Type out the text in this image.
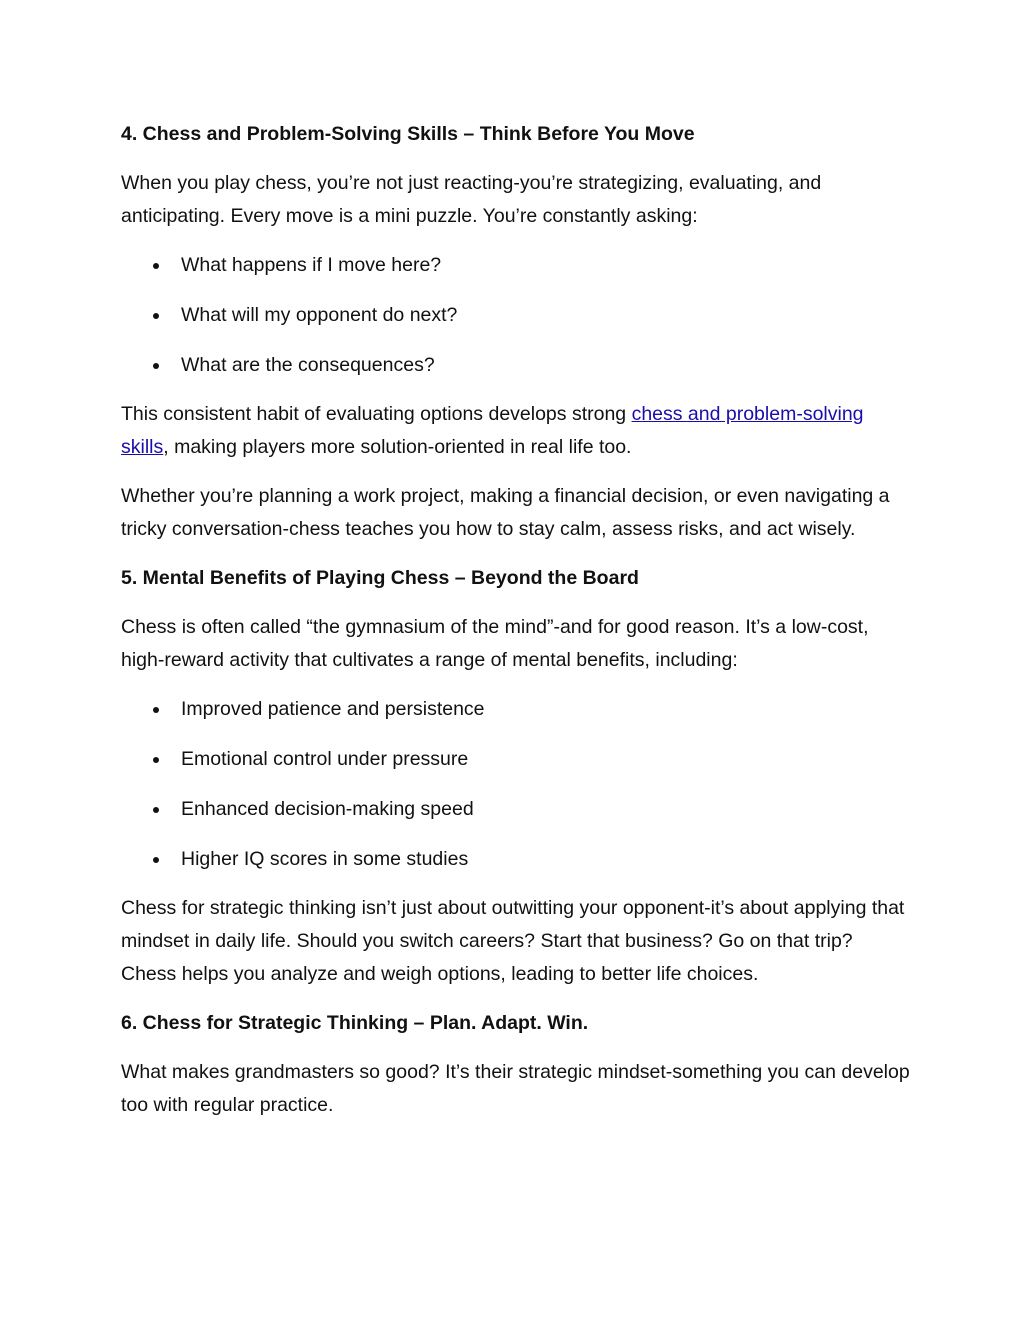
4. Chess and Problem-Solving Skills – Think Before You Move
When you play chess, you’re not just reacting-you’re strategizing, evaluating, and anticipating. Every move is a mini puzzle. You’re constantly asking:
What happens if I move here?
What will my opponent do next?
What are the consequences?
This consistent habit of evaluating options develops strong chess and problem-solving skills, making players more solution-oriented in real life too.
Whether you’re planning a work project, making a financial decision, or even navigating a tricky conversation-chess teaches you how to stay calm, assess risks, and act wisely.
5. Mental Benefits of Playing Chess – Beyond the Board
Chess is often called “the gymnasium of the mind”-and for good reason. It’s a low-cost, high-reward activity that cultivates a range of mental benefits, including:
Improved patience and persistence
Emotional control under pressure
Enhanced decision-making speed
Higher IQ scores in some studies
Chess for strategic thinking isn’t just about outwitting your opponent-it’s about applying that mindset in daily life. Should you switch careers? Start that business? Go on that trip? Chess helps you analyze and weigh options, leading to better life choices.
6. Chess for Strategic Thinking – Plan. Adapt. Win.
What makes grandmasters so good? It’s their strategic mindset-something you can develop too with regular practice.
